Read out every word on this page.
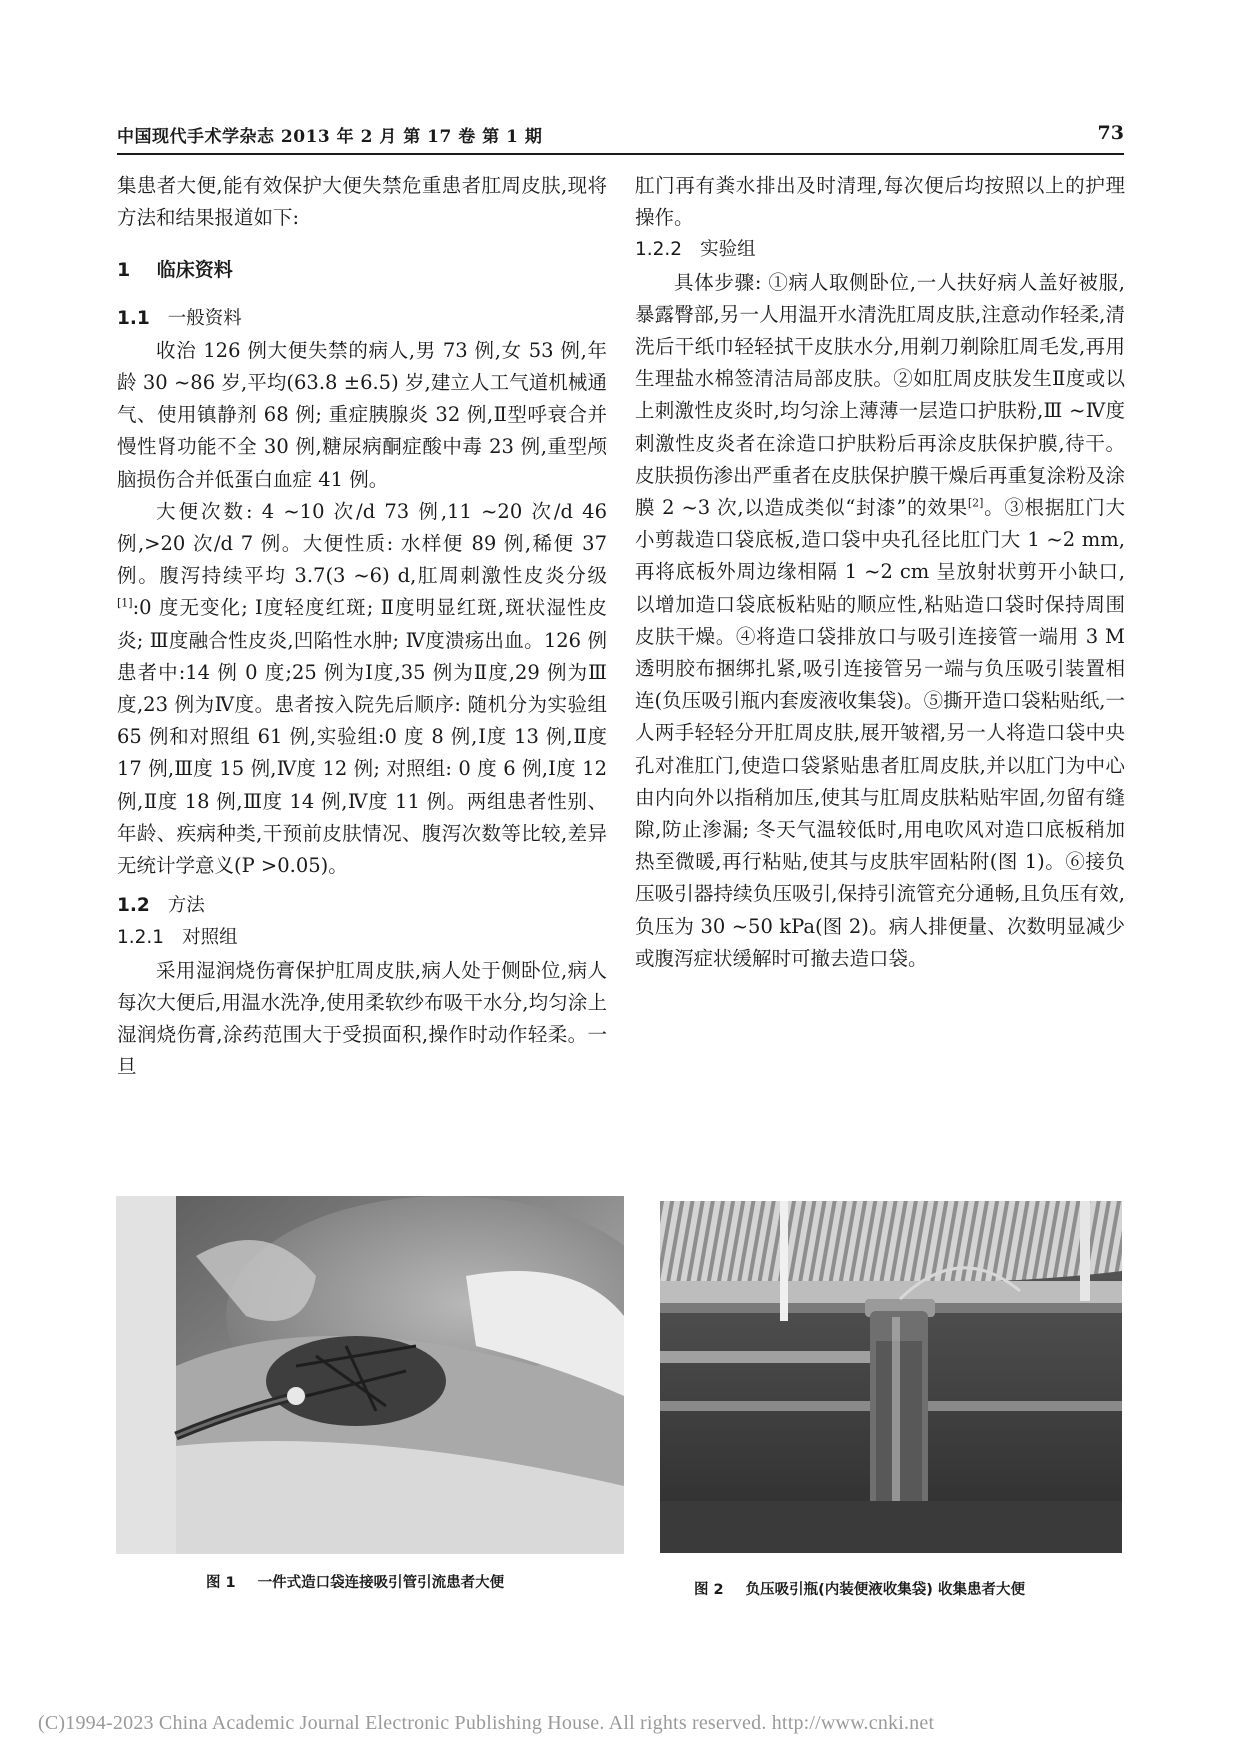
中国现代手术学杂志 2013 年 2 月 第 17 卷 第 1 期	73

集患者大便,能有效保护大便失禁危重患者肛周皮肤,现将方法和结果报道如下:

1 临床资料
1.1 一般资料

收治 126 例大便失禁的病人,男 73 例,女 53 例,年龄 30 ~86 岁,平均(63.8 ±6.5) 岁,建立人工气道机械通气、使用镇静剂 68 例; 重症胰腺炎 32 例,Ⅱ型呼衰合并慢性肾功能不全 30 例,糖尿病酮症酸中毒 23 例,重型颅脑损伤合并低蛋白血症 41 例。

大便次数: 4 ~10 次/d 73 例,11 ~20 次/d 46 例,>20 次/d 7 例。大便性质: 水样便 89 例,稀便 37 例。腹泻持续平均 3.7(3 ~6) d,肛周刺激性皮炎分级[1]:0 度无变化; Ⅰ度轻度红斑; Ⅱ度明显红斑,斑状湿性皮炎; Ⅲ度融合性皮炎,凹陷性水肿; Ⅳ度溃疡出血。126 例患者中:14 例 0 度;25 例为Ⅰ度,35 例为Ⅱ度,29 例为Ⅲ度,23 例为Ⅳ度。患者按入院先后顺序: 随机分为实验组 65 例和对照组 61 例,实验组:0 度 8 例,Ⅰ度 13 例,Ⅱ度 17 例,Ⅲ度 15 例,Ⅳ度 12 例; 对照组: 0 度 6 例,Ⅰ度 12 例,Ⅱ度 18 例,Ⅲ度 14 例,Ⅳ度 11 例。两组患者性别、年龄、疾病种类,干预前皮肤情况、腹泻次数等比较,差异无统计学意义(P >0.05)。

1.2 方法
1.2.1 对照组

采用湿润烧伤膏保护肛周皮肤,病人处于侧卧位,病人每次大便后,用温水洗净,使用柔软纱布吸干水分,均匀涂上湿润烧伤膏,涂药范围大于受损面积,操作时动作轻柔。一旦

肛门再有粪水排出及时清理,每次便后均按照以上的护理操作。

1.2.2 实验组

具体步骤: ①病人取侧卧位,一人扶好病人盖好被服,暴露臀部,另一人用温开水清洗肛周皮肤,注意动作轻柔,清洗后干纸巾轻轻拭干皮肤水分,用剃刀剃除肛周毛发,再用生理盐水棉签清洁局部皮肤。②如肛周皮肤发生Ⅱ度或以上刺激性皮炎时,均匀涂上薄薄一层造口护肤粉,Ⅲ ~Ⅳ度刺激性皮炎者在涂造口护肤粉后再涂皮肤保护膜,待干。皮肤损伤渗出严重者在皮肤保护膜干燥后再重复涂粉及涂膜 2 ~3 次,以造成类似“封漆”的效果[2]。③根据肛门大小剪裁造口袋底板,造口袋中央孔径比肛门大 1 ~2 mm,再将底板外周边缘相隔 1 ~2 cm 呈放射状剪开小缺口,以增加造口袋底板粘贴的顺应性,粘贴造口袋时保持周围皮肤干燥。④将造口袋排放口与吸引连接管一端用 3 M 透明胶布捆绑扎紧,吸引连接管另一端与负压吸引装置相连(负压吸引瓶内套废液收集袋)。⑤撕开造口袋粘贴纸,一人两手轻轻分开肛周皮肤,展开皱褶,另一人将造口袋中央孔对准肛门,使造口袋紧贴患者肛周皮肤,并以肛门为中心由内向外以指稍加压,使其与肛周皮肤粘贴牢固,勿留有缝隙,防止渗漏; 冬天气温较低时,用电吹风对造口底板稍加热至微暖,再行粘贴,使其与皮肤牢固粘附(图 1)。⑥接负压吸引器持续负压吸引,保持引流管充分通畅,且负压有效,负压为 30 ~50 kPa(图 2)。病人排便量、次数明显减少或腹泻症状缓解时可撤去造口袋。

图 1 一件式造口袋连接吸引管引流患者大便	图 2 负压吸引瓶(内装便液收集袋) 收集患者大便
(C)1994-2023 China Academic Journal Electronic Publishing House. All rights reserved. http://www.cnki.net
